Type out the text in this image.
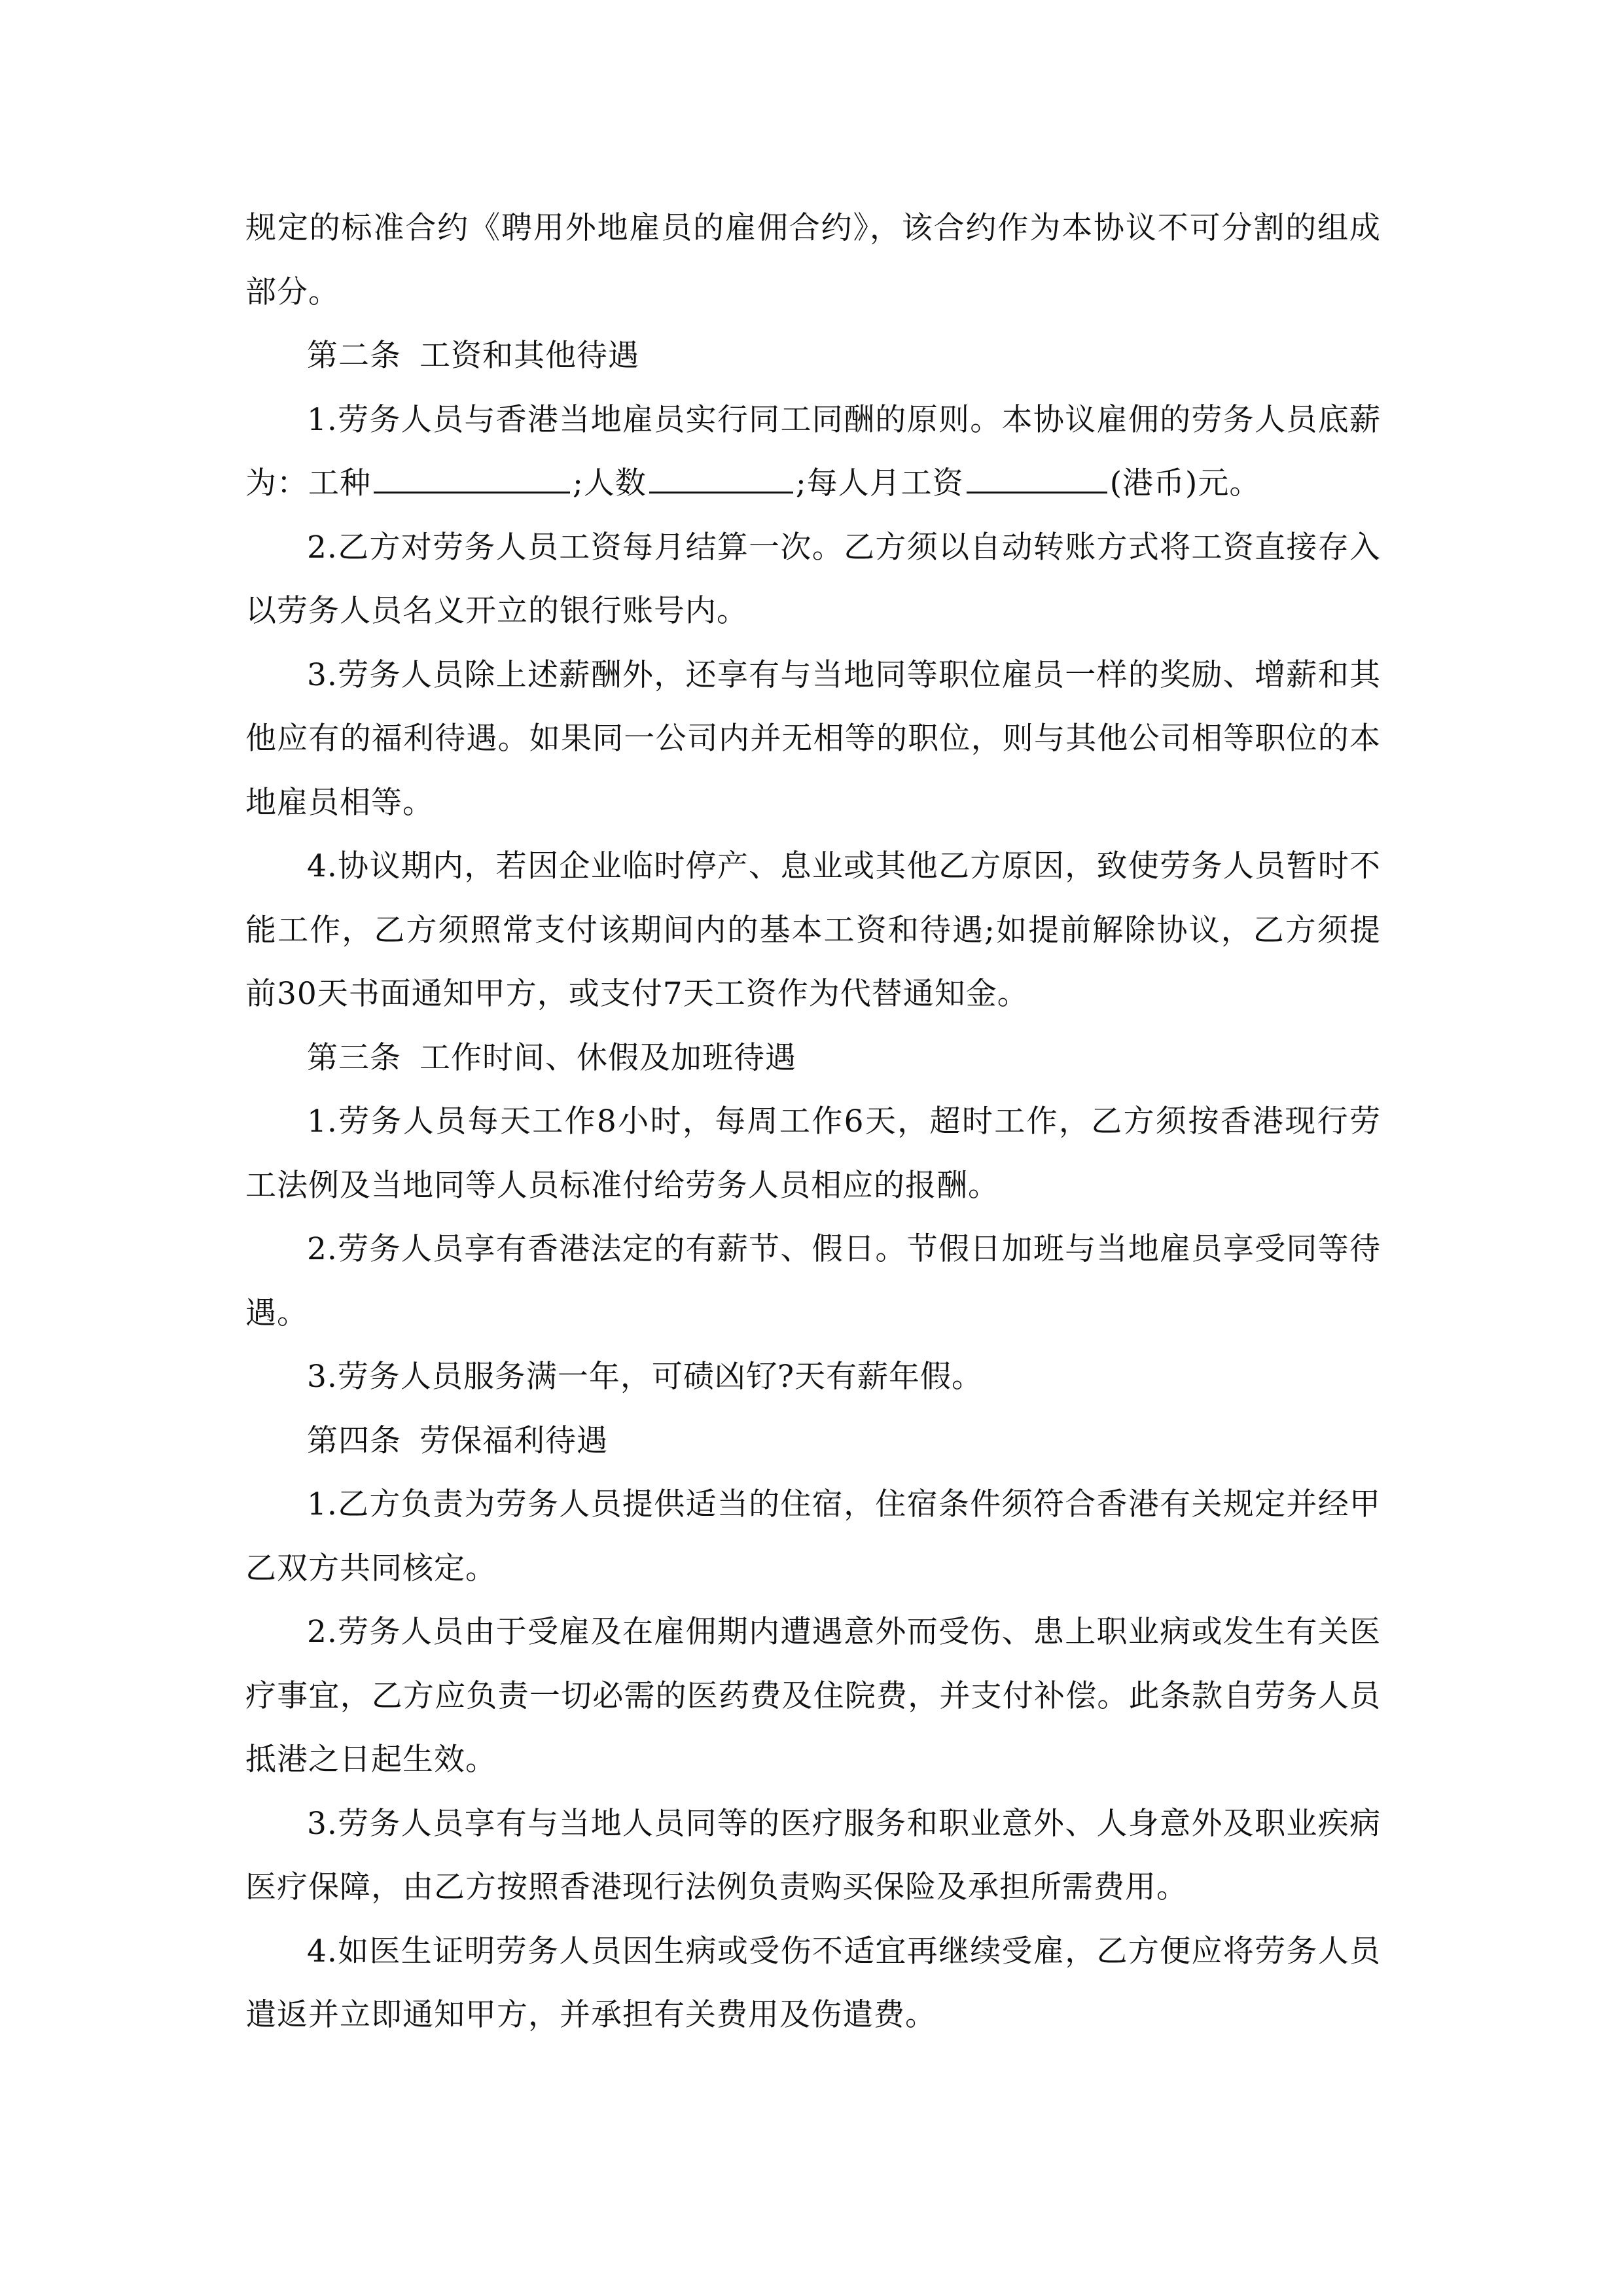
规定的标准合约《聘用外地雇员的雇佣合约》，该合约作为本协议不可分割的组成部分。

第二条 工资和其他待遇

1.劳务人员与香港当地雇员实行同工同酬的原则。本协议雇佣的劳务人员底薪为：工种	;人数	;每人月工资	(港币)元。

2.乙方对劳务人员工资每月结算一次。乙方须以自动转账方式将工资直接存入以劳务人员名义开立的银行账号内。

3.劳务人员除上述薪酬外，还享有与当地同等职位雇员一样的奖励、增薪和其他应有的福利待遇。如果同一公司内并无相等的职位，则与其他公司相等职位的本地雇员相等。

4.协议期内，若因企业临时停产、息业或其他乙方原因，致使劳务人员暂时不能工作，乙方须照常支付该期间内的基本工资和待遇;如提前解除协议，乙方须提前30天书面通知甲方，或支付7天工资作为代替通知金。

第三条 工作时间、休假及加班待遇

1.劳务人员每天工作8小时，每周工作6天，超时工作，乙方须按香港现行劳工法例及当地同等人员标准付给劳务人员相应的报酬。

2.劳务人员享有香港法定的有薪节、假日。节假日加班与当地雇员享受同等待遇。

3.劳务人员服务满一年，可碛凶钌?天有薪年假。

第四条 劳保福利待遇

1.乙方负责为劳务人员提供适当的住宿，住宿条件须符合香港有关规定并经甲乙双方共同核定。

2.劳务人员由于受雇及在雇佣期内遭遇意外而受伤、患上职业病或发生有关医疗事宜，乙方应负责一切必需的医药费及住院费，并支付补偿。此条款自劳务人员抵港之日起生效。

3.劳务人员享有与当地人员同等的医疗服务和职业意外、人身意外及职业疾病医疗保障，由乙方按照香港现行法例负责购买保险及承担所需费用。

4.如医生证明劳务人员因生病或受伤不适宜再继续受雇，乙方便应将劳务人员遣返并立即通知甲方，并承担有关费用及伤遣费。
